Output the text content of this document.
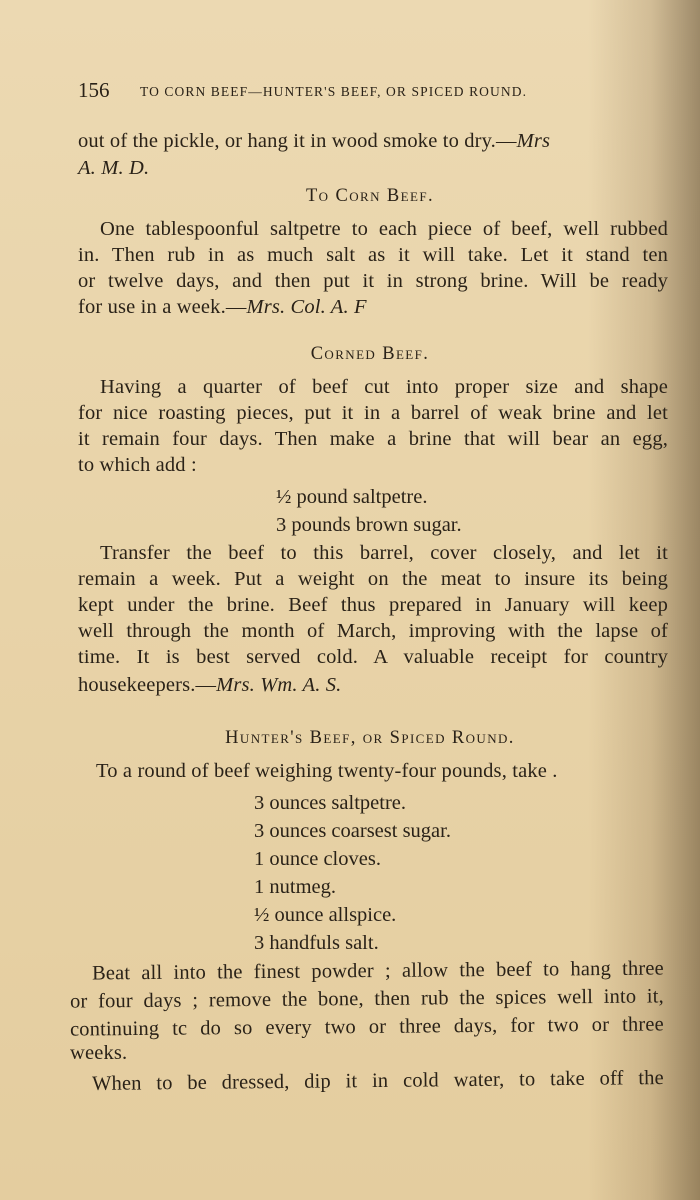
156 TO CORN BEEF—HUNTER'S BEEF, OR SPICED ROUND.
out of the pickle, or hang it in wood smoke to dry.—Mrs
A. M. D.
To Corn Beef.
One tablespoonful saltpetre to each piece of beef, well rubbed
in. Then rub in as much salt as it will take. Let it stand ten
or twelve days, and then put it in strong brine. Will be ready
for use in a week.—Mrs. Col. A. F
Corned Beef.
Having a quarter of beef cut into proper size and shape
for nice roasting pieces, put it in a barrel of weak brine and let
it remain four days. Then make a brine that will bear an egg,
to which add :
½ pound saltpetre.
3 pounds brown sugar.
Transfer the beef to this barrel, cover closely, and let it
remain a week. Put a weight on the meat to insure its being
kept under the brine. Beef thus prepared in January will keep
well through the month of March, improving with the lapse of
time. It is best served cold. A valuable receipt for country
housekeepers.—Mrs. Wm. A. S.
Hunter's Beef, or Spiced Round.
To a round of beef weighing twenty-four pounds, take .
3 ounces saltpetre.
3 ounces coarsest sugar.
1 ounce cloves.
1 nutmeg.
½ ounce allspice.
3 handfuls salt.
Beat all into the finest powder ; allow the beef to hang three
or four days ; remove the bone, then rub the spices well into it,
continuing tc do so every two or three days, for two or three
weeks.
When to be dressed, dip it in cold water, to take off the
